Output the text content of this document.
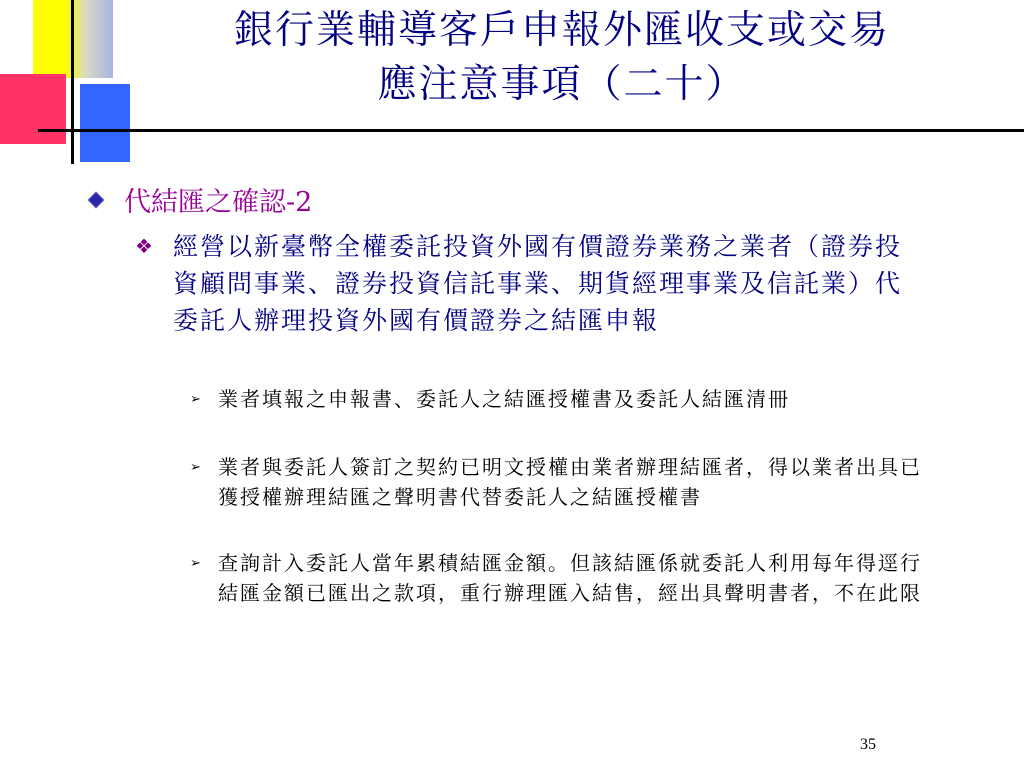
銀行業輔導客戶申報外匯收支或交易
應注意事項（二十）
代結匯之確認-2
❖ 經營以新臺幣全權委託投資外國有價證券業務之業者（證券投資顧問事業、證券投資信託事業、期貨經理事業及信託業）代委託人辦理投資外國有價證券之結匯申報
➢ 業者填報之申報書、委託人之結匯授權書及委託人結匯清冊
➢ 業者與委託人簽訂之契約已明文授權由業者辦理結匯者，得以業者出具已獲授權辦理結匯之聲明書代替委託人之結匯授權書
➢ 查詢計入委託人當年累積結匯金額。但該結匯係就委託人利用每年得逕行結匯金額已匯出之款項，重行辦理匯入結售，經出具聲明書者，不在此限
35
